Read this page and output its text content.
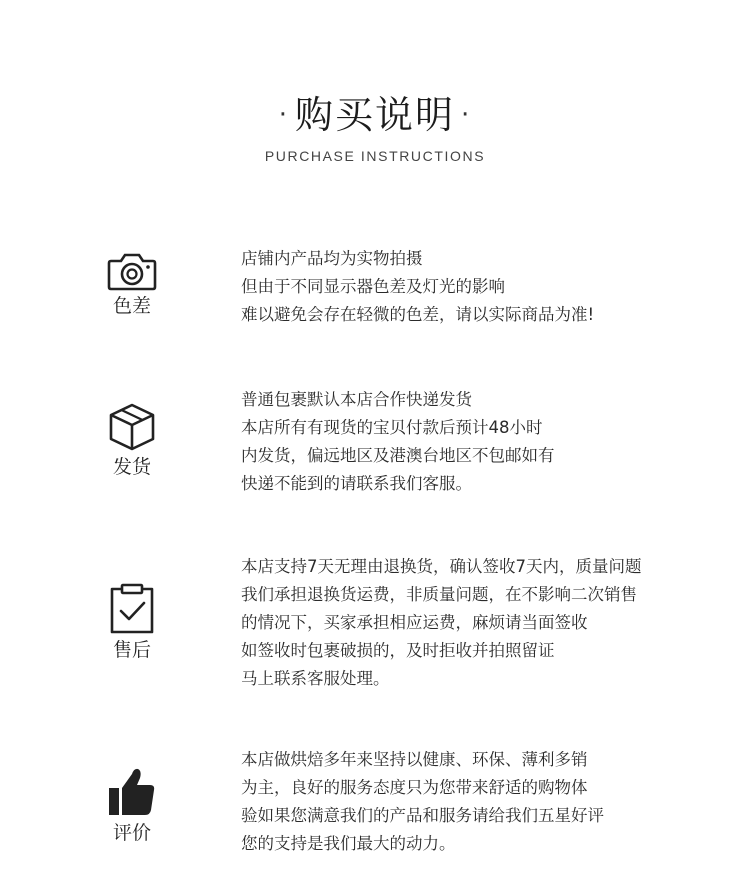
· 购买说明 ·
PURCHASE INSTRUCTIONS
色差
店铺内产品均为实物拍摄
但由于不同显示器色差及灯光的影响
难以避免会存在轻微的色差，请以实际商品为准!
发货
普通包裹默认本店合作快递发货
本店所有有现货的宝贝付款后预计48小时
内发货，偏远地区及港澳台地区不包邮如有
快递不能到的请联系我们客服。
售后
本店支持7天无理由退换货，确认签收7天内，质量问题
我们承担退换货运费，非质量问题，在不影响二次销售
的情况下，买家承担相应运费，麻烦请当面签收
如签收时包裹破损的，及时拒收并拍照留证
马上联系客服处理。
评价
本店做烘焙多年来坚持以健康、环保、薄利多销
为主，良好的服务态度只为您带来舒适的购物体
验如果您满意我们的产品和服务请给我们五星好评
您的支持是我们最大的动力。
